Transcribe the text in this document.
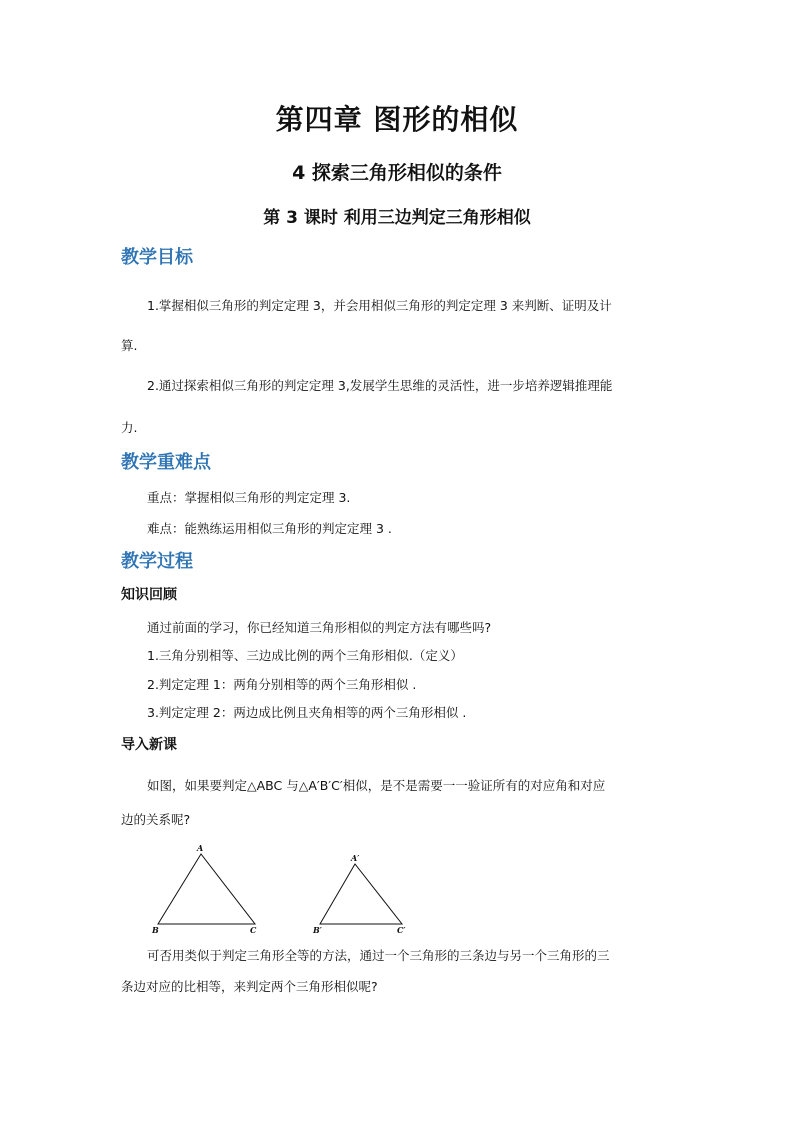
第四章 图形的相似
4 探索三角形相似的条件
第 3 课时 利用三边判定三角形相似
教学目标
1.掌握相似三角形的判定定理 3，并会用相似三角形的判定定理 3 来判断、证明及计
算.
2.通过探索相似三角形的判定定理 3,发展学生思维的灵活性，进一步培养逻辑推理能
力.
教学重难点
重点：掌握相似三角形的判定定理 3.
难点：能熟练运用相似三角形的判定定理 3 .
教学过程
知识回顾
通过前面的学习，你已经知道三角形相似的判定方法有哪些吗?
1.三角分别相等、三边成比例的两个三角形相似.（定义）
2.判定定理 1：两角分别相等的两个三角形相似 .
3.判定定理 2：两边成比例且夹角相等的两个三角形相似 .
导入新课
如图，如果要判定△ABC 与△A′B′C′相似，是不是需要一一验证所有的对应角和对应
边的关系呢?
A
B	C
A′
B′	C′
可否用类似于判定三角形全等的方法，通过一个三角形的三条边与另一个三角形的三
条边对应的比相等，来判定两个三角形相似呢?
